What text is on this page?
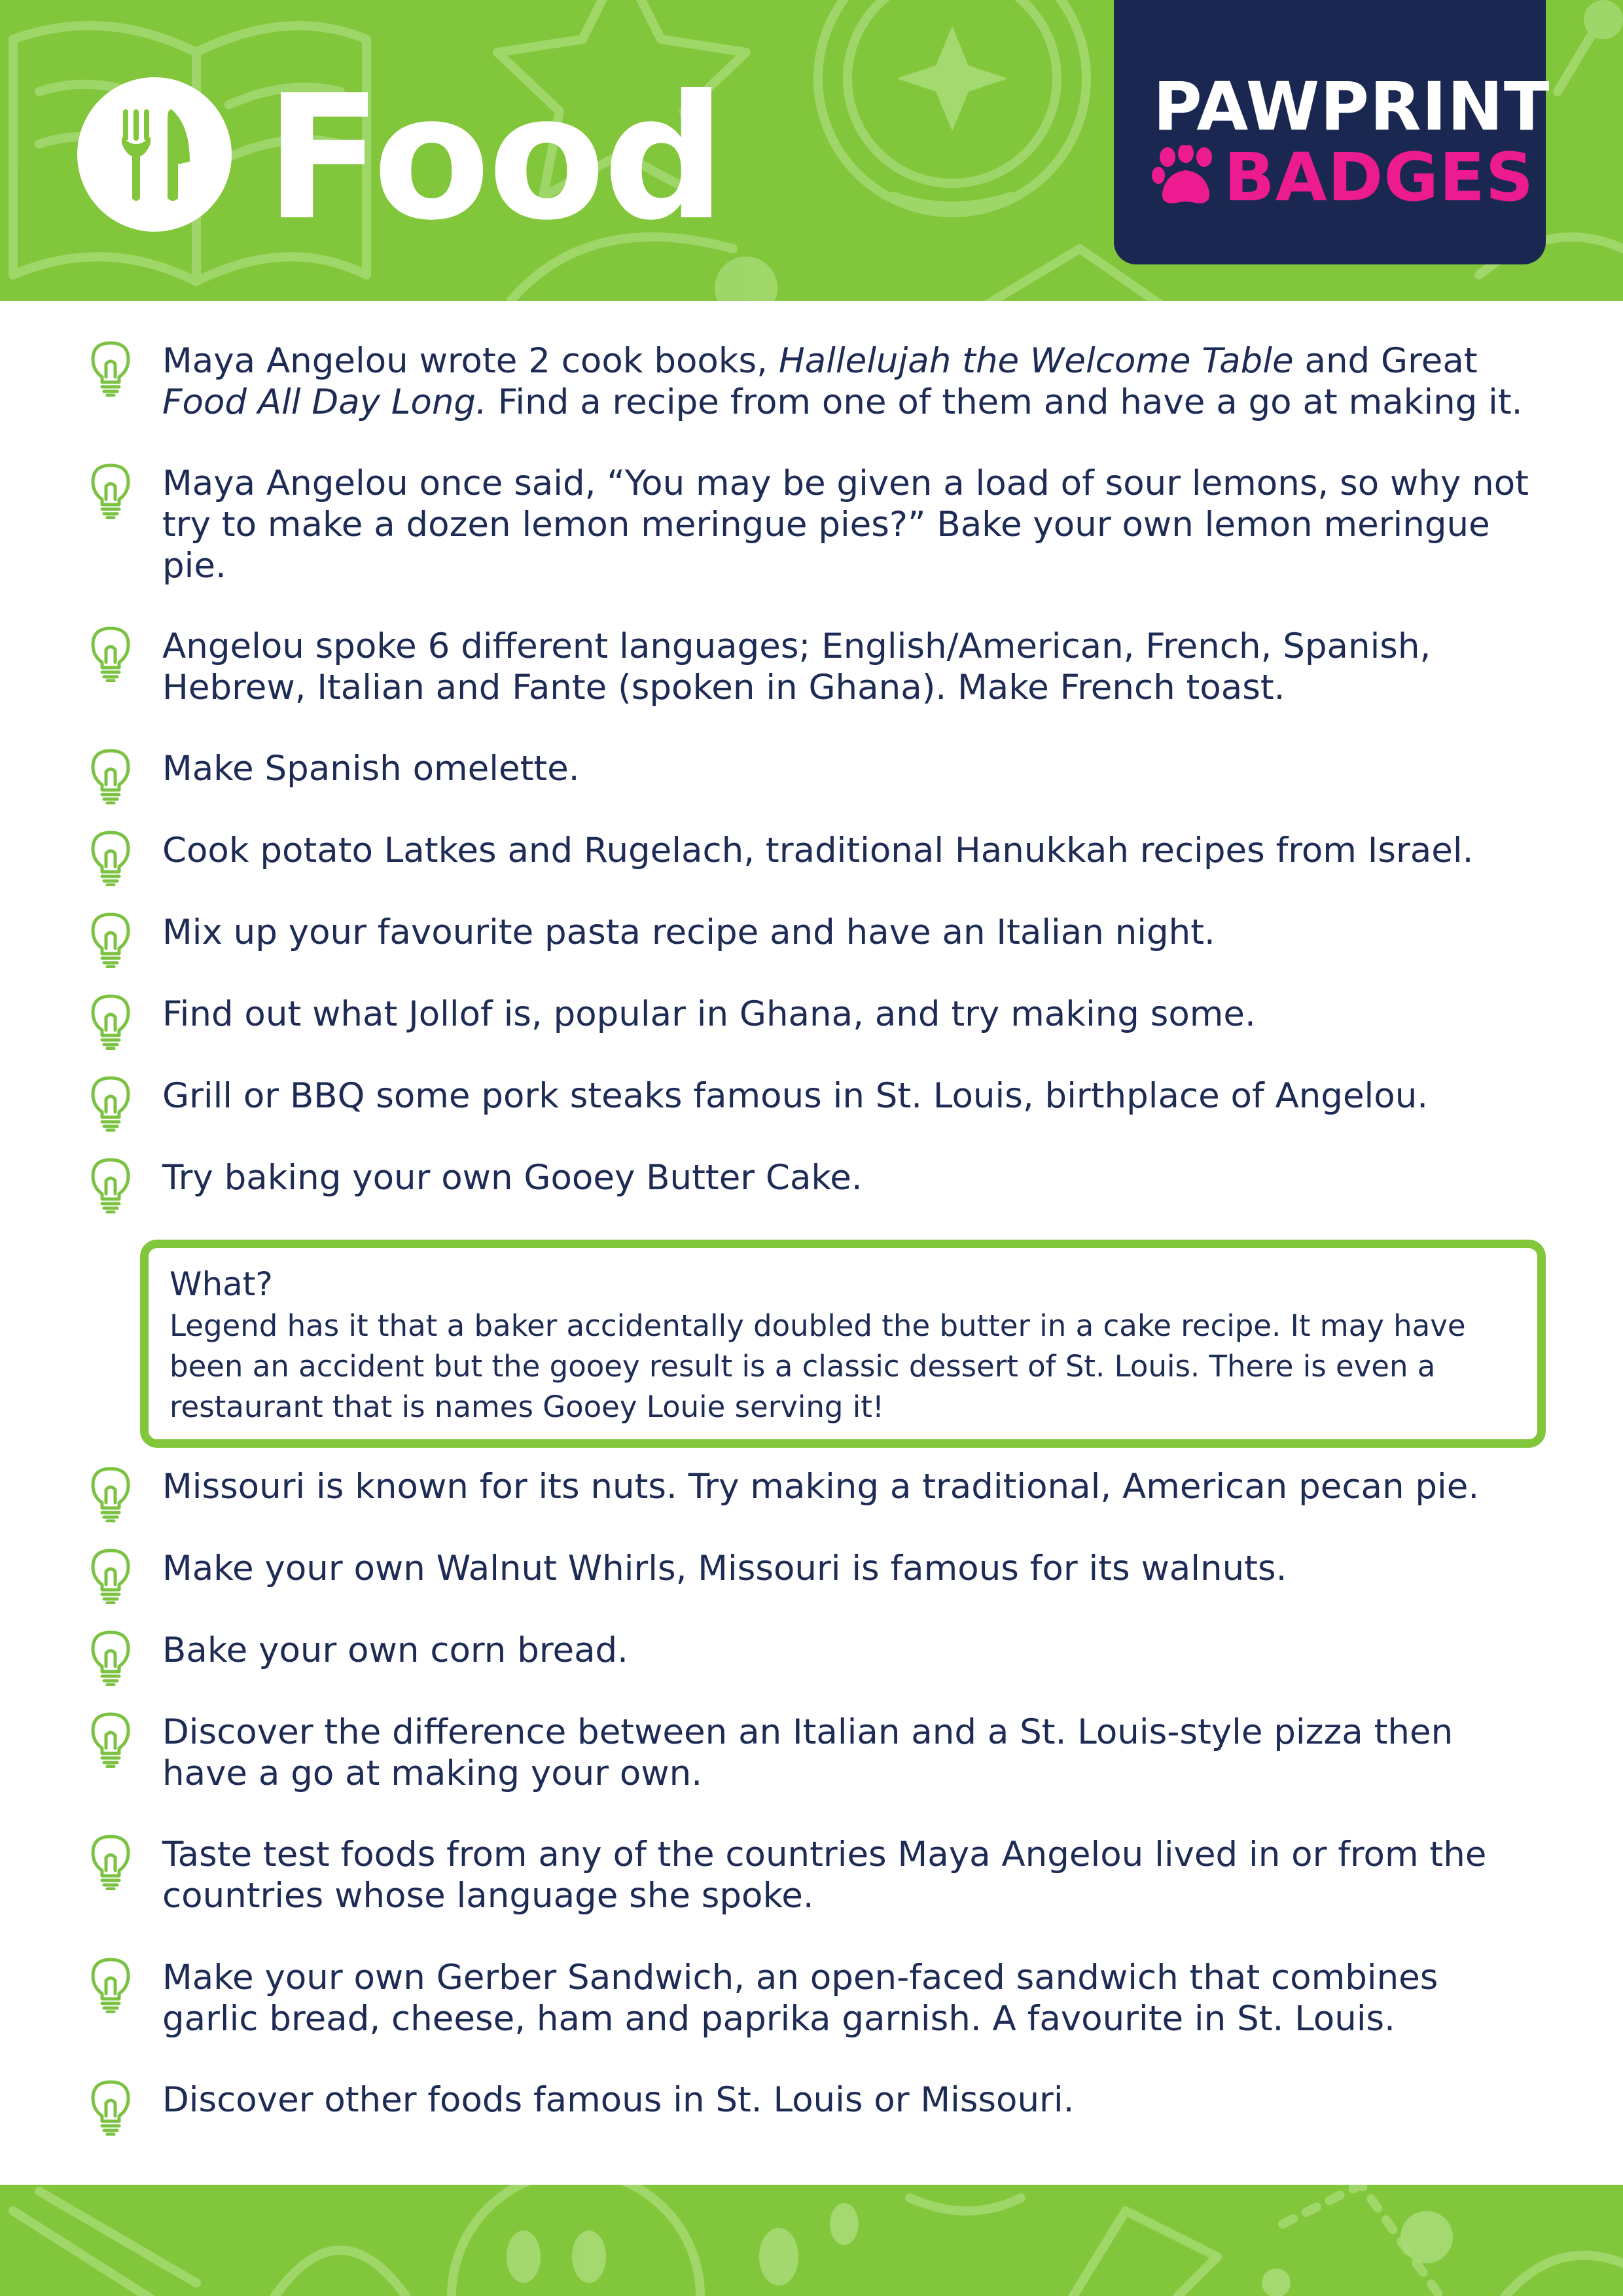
Food	PAWPRINT
BADGES
Maya Angelou wrote 2 cook books, Hallelujah the Welcome Table and Great Food All Day Long. Find a recipe from one of them and have a go at making it.
Maya Angelou once said, “You may be given a load of sour lemons, so why not try to make a dozen lemon meringue pies?” Bake your own lemon meringue pie.
Angelou spoke 6 different languages; English/American, French, Spanish, Hebrew, Italian and Fante (spoken in Ghana). Make French toast.
Make Spanish omelette.
Cook potato Latkes and Rugelach, traditional Hanukkah recipes from Israel.
Mix up your favourite pasta recipe and have an Italian night.
Find out what Jollof is, popular in Ghana, and try making some.
Grill or BBQ some pork steaks famous in St. Louis, birthplace of Angelou.
Try baking your own Gooey Butter Cake.
What?
Legend has it that a baker accidentally doubled the butter in a cake recipe. It may have been an accident but the gooey result is a classic dessert of St. Louis. There is even a restaurant that is names Gooey Louie serving it!
Missouri is known for its nuts. Try making a traditional, American pecan pie.
Make your own Walnut Whirls, Missouri is famous for its walnuts.
Bake your own corn bread.
Discover the difference between an Italian and a St. Louis-style pizza then have a go at making your own.
Taste test foods from any of the countries Maya Angelou lived in or from the countries whose language she spoke.
Make your own Gerber Sandwich, an open-faced sandwich that combines garlic bread, cheese, ham and paprika garnish. A favourite in St. Louis.
Discover other foods famous in St. Louis or Missouri.
